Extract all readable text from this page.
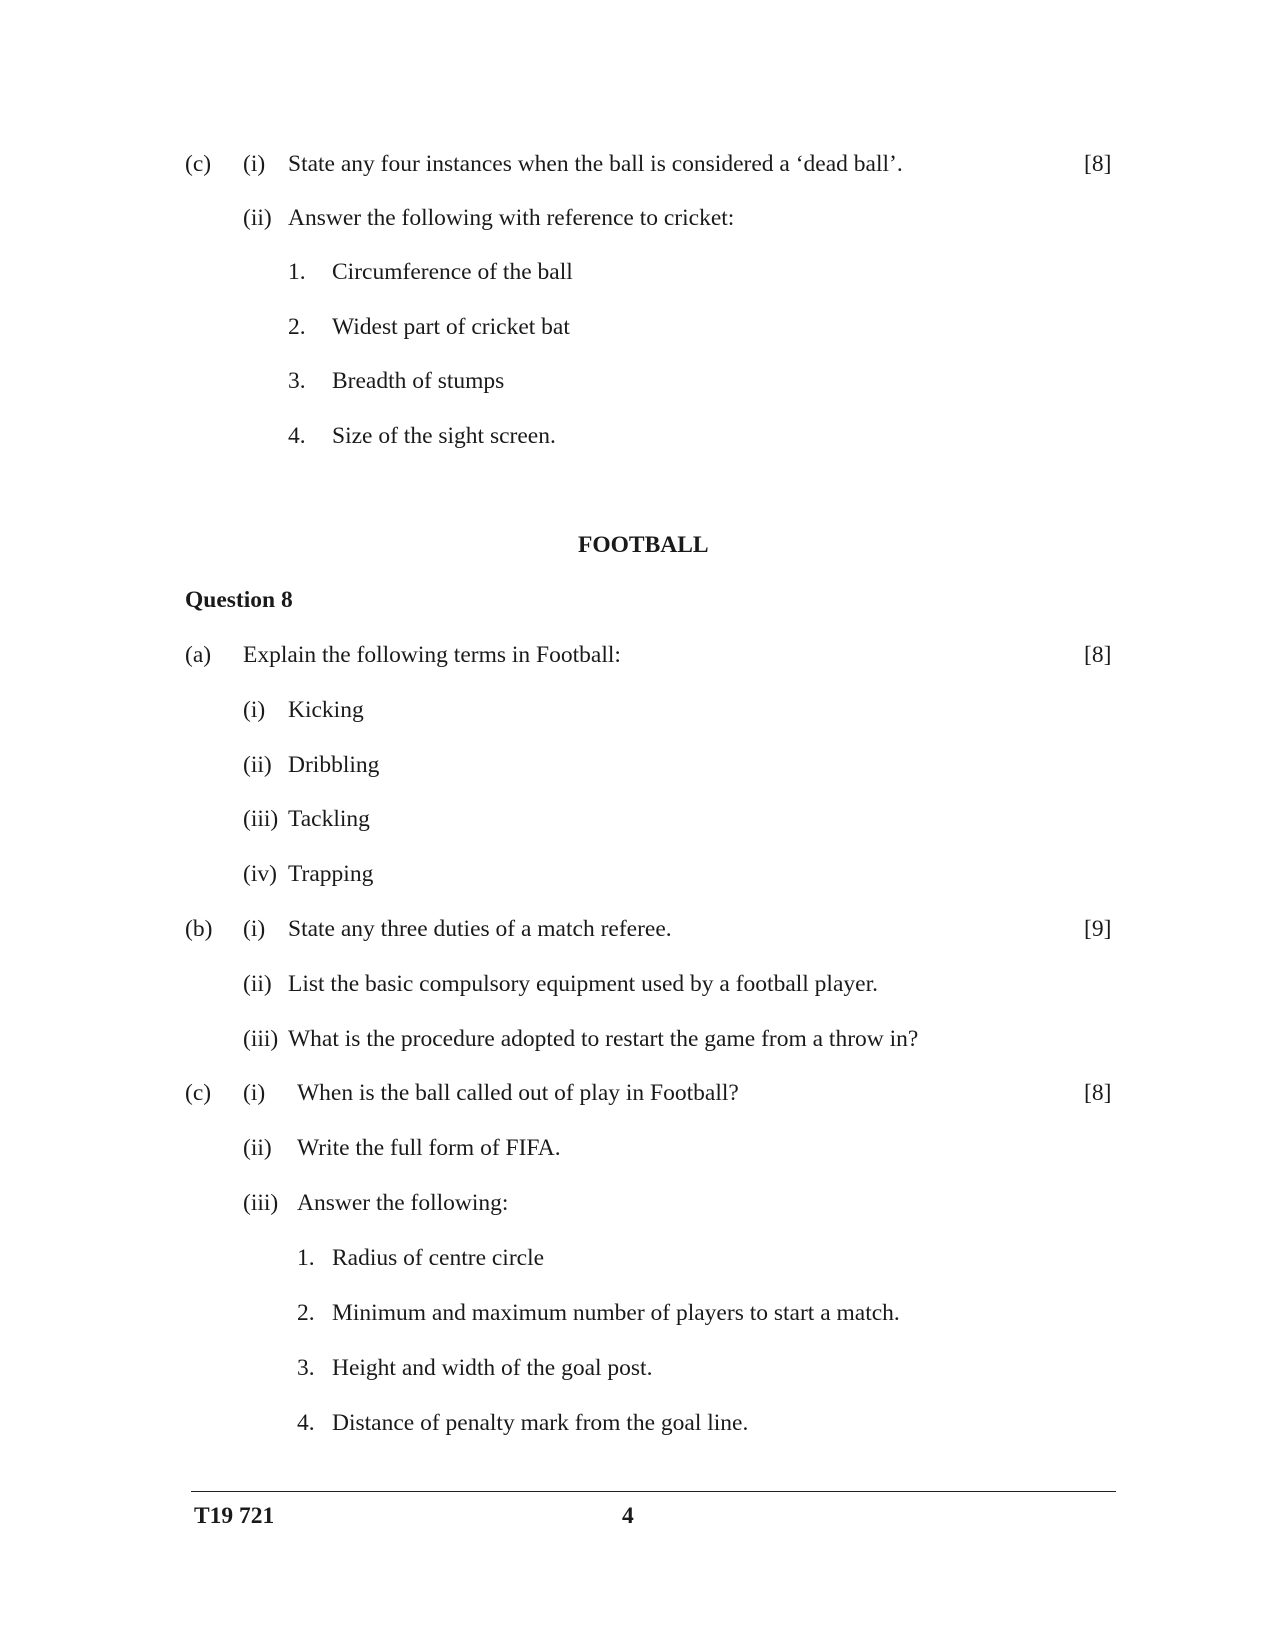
(c) (i) State any four instances when the ball is considered a ‘dead ball’.	[8]
(ii) Answer the following with reference to cricket:
1. Circumference of the ball
2. Widest part of cricket bat
3. Breadth of stumps
4. Size of the sight screen.
FOOTBALL
Question 8
(a) Explain the following terms in Football:	[8]
(i) Kicking
(ii) Dribbling
(iii) Tackling
(iv) Trapping
(b) (i) State any three duties of a match referee.	[9]
(ii) List the basic compulsory equipment used by a football player.
(iii) What is the procedure adopted to restart the game from a throw in?
(c) (i) When is the ball called out of play in Football?	[8]
(ii) Write the full form of FIFA.
(iii) Answer the following:
1. Radius of centre circle
2. Minimum and maximum number of players to start a match.
3. Height and width of the goal post.
4. Distance of penalty mark from the goal line.
T19 721	4
